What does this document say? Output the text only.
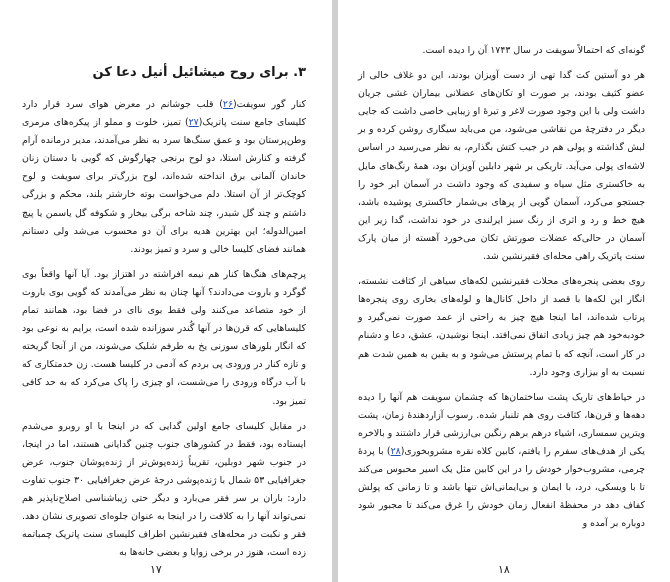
۳. برای روح میشائیل أنیل دعا کن

کنار گور سویفت(۲۶) قلب جوشانم در معرض هوای سرد قرار دارد کلیسای جامع سنت پاتریک(۲۷) تمیز، خلوت و مملو از پیکره‌های مرمری وطن‌پرستان بود و عمق سنگ‌ها سرد به نظر می‌آمدند، مدیر درمانده آرام گرفته و کنارش استلا، دو لوح برنجی چهارگوش که گویی با دستان زنان خاندان آلمانی برق انداخته شده‌اند، لوح بزرگ‌تر برای سویفت و لوح کوچک‌تر از آن استلا. دلم می‌خواست بوته خارشتر بلند، محکم و بزرگی داشتم و چند گل شبدر، چند شاخه برگی بیخار و شکوفه گل یاسمن یا پیچ امین‌الدوله؛ این بهترین هدیه برای آن دو محسوب می‌شد ولی دستانم همانند فضای کلیسا خالی و سرد و تمیز بودند.

پرچم‌های هنگ‌ها کنار هم نیمه افراشته در اهتزاز بود. آیا آنها واقعاً بوی گوگرد و باروت می‌دادند؟ آنها چنان به نظر می‌آمدند که گویی بوی باروت از خود متصاعد می‌کنند ولی فقط بوی ناای در فضا بود، همانند تمام کلیساهایی که قرن‌ها در آنها گُندر سوزانده شده است، برایم به نوعی بود که انگار بلورهای سوزنی یخ به طرفم شلیک می‌شوند، من از آنجا گریخته و تازه کنار در ورودی پی بردم که آدمی در کلیسا هست. زن خدمتکاری که با آب درگاه ورودی را می‌شست، او چیزی را پاک می‌کرد که به حد کافی تمیز بود.

در مقابل کلیسای جامع اولین گدایی که در اینجا با او روبرو می‌شدم ایستاده بود، فقط در کشورهای جنوب چنین گدایانی هستند، اما در اینجا، در جنوب شهر دوبلین، تقریباً ژنده‌پوش‌تر از ژنده‌پوشان جنوب، عرض جغرافیایی ۵۳ شمال با ژنده‌پوشی درجهٔ عرض جغرافیایی ۳۰ جنوب تفاوت دارد: باران بر سر فقر می‌بارد و دیگر حتی زیباشناسی اصلاح‌ناپذیر هم نمی‌تواند آنها را به کلافت را در اینجا به عنوان جلوه‌ای تصویری نشان دهد. فقر و نکبت در محله‌های فقیرنشین اطراف کلیسای سنت پاتریک چمباتمه زده است، هنوز در برخی زوایا و بعضی خانه‌ها به

۱۷

گونه‌ای که احتمالاً سویفت در سال ۱۷۴۳ آن را دیده است.

هر دو آستین کت گدا تهی از دست آویزان بودند، این دو غلاف خالی از عضو کثیف بودند، بر صورت او تکان‌های عضلانی بیماران غشی جریان داشت ولی با این وجود صورت لاغر و تیرهٔ او زیبایی خاصی داشت که جایی دیگر در دفترچهٔ من نقاشی می‌شود، من می‌باید سیگاری روشن کرده و بر لبش گذاشته و پولی هم در جیب کتش بگذارم، به نظر می‌رسید در اساس لاشه‌ای پولی می‌آید. تاریکی بر شهر دابلین آویزان بود، همهٔ رنگ‌های مایل به خاکستری مثل سیاه و سفیدی که وجود داشت در آسمان ابر خود را جستجو می‌کرد، آسمان گویی از پرهای بی‌شمار خاکستری پوشیده باشد، هیچ خط و رد و اثری از رنگ سبز ایرلندی در خود نداشت، گدا زیر این آسمان در حالی‌که عضلات صورتش تکان می‌خورد آهسته از میان پارک سنت پاتریک راهی محله‌ای فقیرنشین شد.

روی بعضی پنجره‌های محلات فقیرنشین لکه‌های سیاهی از کثافت نشسته، انگار این لکه‌ها با قصد از داخل کانال‌ها و لوله‌های بخاری روی پنجره‌ها پرتاب شده‌اند، اما اینجا هیچ چیز به راحتی از عمد صورت نمی‌گیرد و خودبه‌خود هم چیز زیادی اتفاق نمی‌افتد. اینجا نوشیدن، عشق، دعا و دشنام در کار است، آنچه که با تمام پرستش می‌شود و به یقین به همین شدت هم نسبت به او بیزاری وجود دارد.

در حیاط‌های تاریک پشت ساختمان‌ها که چشمان سویفت هم آنها را دیده دهه‌ها و قرن‌ها، کثافت روی هم تلنبار شده. رسوب آزاردهندهٔ زمان، پشت ویترین سمساری، اشیاء درهم برهم رنگین بی‌ارزشی قرار داشتند و بالاخره یکی از هدف‌های سفرم را یافتم، کابین کلاه نقره مشروبخوری(۲۸) با پردهٔ چرمی، مشروب‌خوار خودش را در این کابین مثل یک اسیر محبوس می‌کند تا با ویسکی، درد، با ایمان و بی‌ایمانی‌اش تنها باشد و تا زمانی که پولش کفاف دهد در محفظهٔ انفعال زمان خودش را غرق می‌کند تا مجبور شود دوباره بر آمده و

۱۸
